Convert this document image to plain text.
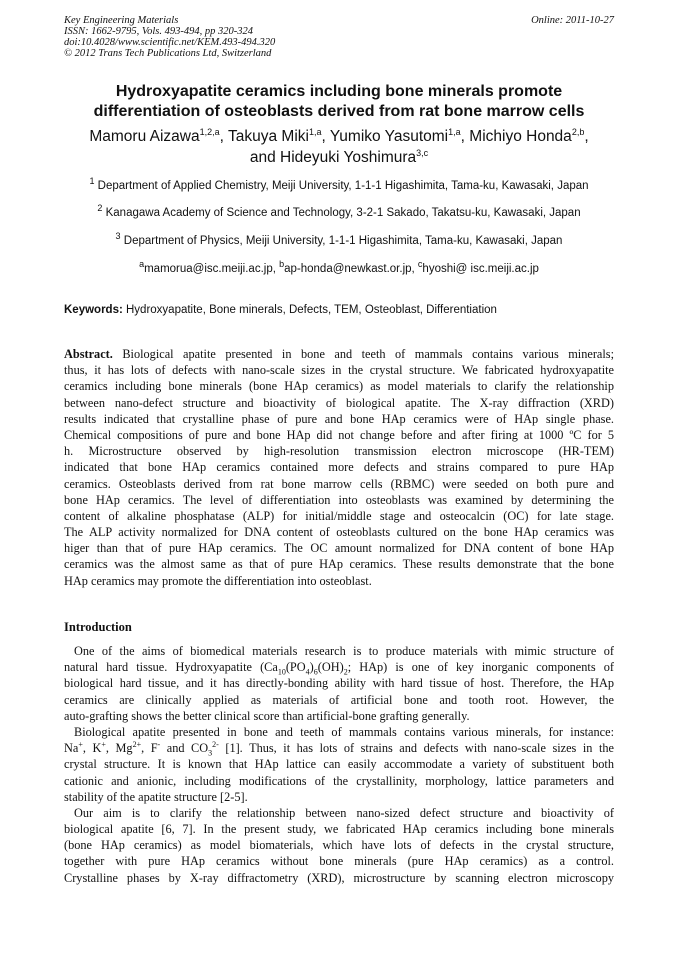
Key Engineering Materials
ISSN: 1662-9795, Vols. 493-494, pp 320-324
doi:10.4028/www.scientific.net/KEM.493-494.320
© 2012 Trans Tech Publications Ltd, Switzerland
Online: 2011-10-27
Hydroxyapatite ceramics including bone minerals promote
differentiation of osteoblasts derived from rat bone marrow cells
Mamoru Aizawa$^{1,2,a}$, Takuya Miki$^{1,a}$, Yumiko Yasutomi$^{1,a}$, Michiyo Honda$^{2,b}$,
and Hideyuki Yoshimura$^{3,c}$
$^1$ Department of Applied Chemistry, Meiji University, 1-1-1 Higashimita, Tama-ku, Kawasaki, Japan
$^2$ Kanagawa Academy of Science and Technology, 3-2-1 Sakado, Takatsu-ku, Kawasaki, Japan
$^3$ Department of Physics, Meiji University, 1-1-1 Higashimita, Tama-ku, Kawasaki, Japan
$^a$mamorua@isc.meiji.ac.jp, $^b$ap-honda@newkast.or.jp, $^c$hyoshi@ isc.meiji.ac.jp
Keywords: Hydroxyapatite, Bone minerals, Defects, TEM, Osteoblast, Differentiation
Abstract. Biological apatite presented in bone and teeth of mammals contains various minerals;
thus, it has lots of defects with nano-scale sizes in the crystal structure. We fabricated hydroxyapatite
ceramics including bone minerals (bone HAp ceramics) as model materials to clarify the relationship
between nano-defect structure and bioactivity of biological apatite. The X-ray diffraction (XRD)
results indicated that crystalline phase of pure and bone HAp ceramics were of HAp single phase.
Chemical compositions of pure and bone HAp did not change before and after firing at 1000 ºC for 5
h. Microstructure observed by high-resolution transmission electron microscope (HR-TEM)
indicated that bone HAp ceramics contained more defects and strains compared to pure HAp
ceramics. Osteoblasts derived from rat bone marrow cells (RBMC) were seeded on both pure and
bone HAp ceramics. The level of differentiation into osteoblasts was examined by determining the
content of alkaline phosphatase (ALP) for initial/middle stage and osteocalcin (OC) for late stage.
The ALP activity normalized for DNA content of osteoblasts cultured on the bone HAp ceramics was
higer than that of pure HAp ceramics. The OC amount normalized for DNA content of bone HAp
ceramics was the almost same as that of pure HAp ceramics. These results demonstrate that the bone
HAp ceramics may promote the differentiation into osteoblast.
Introduction
One of the aims of biomedical materials research is to produce materials with mimic structure of
natural hard tissue. Hydroxyapatite ($Ca_{10}(PO_4)_6(OH)_2$; HAp) is one of key inorganic components of
biological hard tissue, and it has directly-bonding ability with hard tissue of host. Therefore, the HAp
ceramics are clinically applied as materials of artificial bone and tooth root. However, the
auto-grafting shows the better clinical score than artificial-bone grafting generally.
Biological apatite presented in bone and teeth of mammals contains various minerals, for instance:
Na+, K+, $Mg^{2+}$, F- and $CO_3^{2-}$ [1]. Thus, it has lots of strains and defects with nano-scale sizes in the
crystal structure. It is known that HAp lattice can easily accommodate a variety of substituent both
cationic and anionic, including modifications of the crystallinity, morphology, lattice parameters and
stability of the apatite structure [2-5].
Our aim is to clarify the relationship between nano-sized defect structure and bioactivity of
biological apatite [6, 7]. In the present study, we fabricated HAp ceramics including bone minerals
(bone HAp ceramics) as model biomaterials, which have lots of defects in the crystal structure,
together with pure HAp ceramics without bone minerals (pure HAp ceramics) as a control.
Crystalline phases by X-ray diffractometry (XRD), microstructure by scanning electron microscopy
